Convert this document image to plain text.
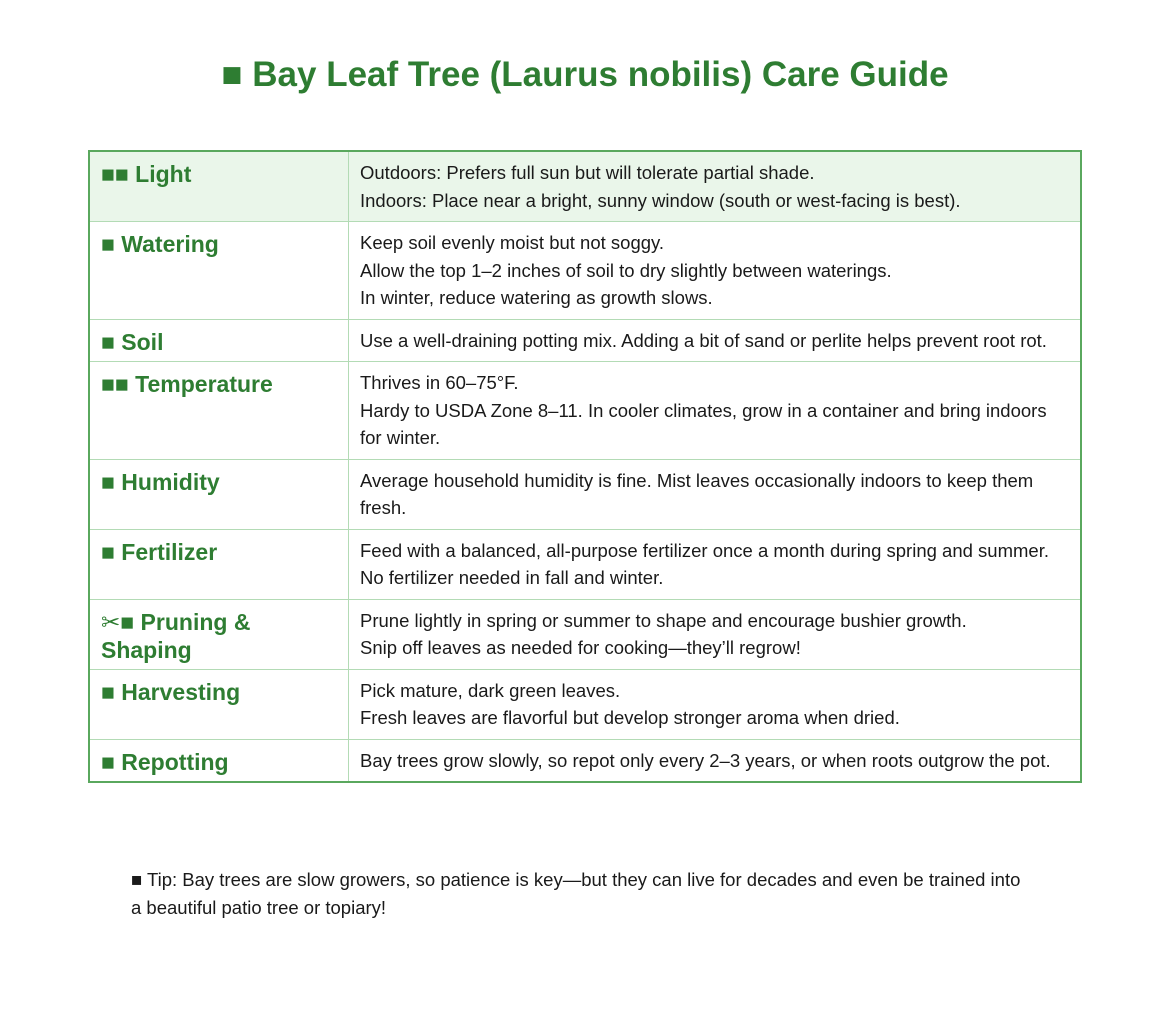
■ Bay Leaf Tree (Laurus nobilis) Care Guide
■■ Light	Outdoors: Prefers full sun but will tolerate partial shade.
Indoors: Place near a bright, sunny window (south or west-facing is best).

■ Watering	Keep soil evenly moist but not soggy.
Allow the top 1–2 inches of soil to dry slightly between waterings.
In winter, reduce watering as growth slows.

■ Soil	Use a well-draining potting mix. Adding a bit of sand or perlite helps prevent root rot.

■■ Temperature	Thrives in 60–75°F.
Hardy to USDA Zone 8–11. In cooler climates, grow in a container and bring indoors for winter.

■ Humidity	Average household humidity is fine. Mist leaves occasionally indoors to keep them fresh.

■ Fertilizer	Feed with a balanced, all-purpose fertilizer once a month during spring and summer.
No fertilizer needed in fall and winter.

✂■ Pruning & Shaping	Prune lightly in spring or summer to shape and encourage bushier growth.
Snip off leaves as needed for cooking—they’ll regrow!

■ Harvesting	Pick mature, dark green leaves.
Fresh leaves are flavorful but develop stronger aroma when dried.

■ Repotting	Bay trees grow slowly, so repot only every 2–3 years, or when roots outgrow the pot.
■ Tip: Bay trees are slow growers, so patience is key—but they can live for decades and even be trained into a beautiful patio tree or topiary!
